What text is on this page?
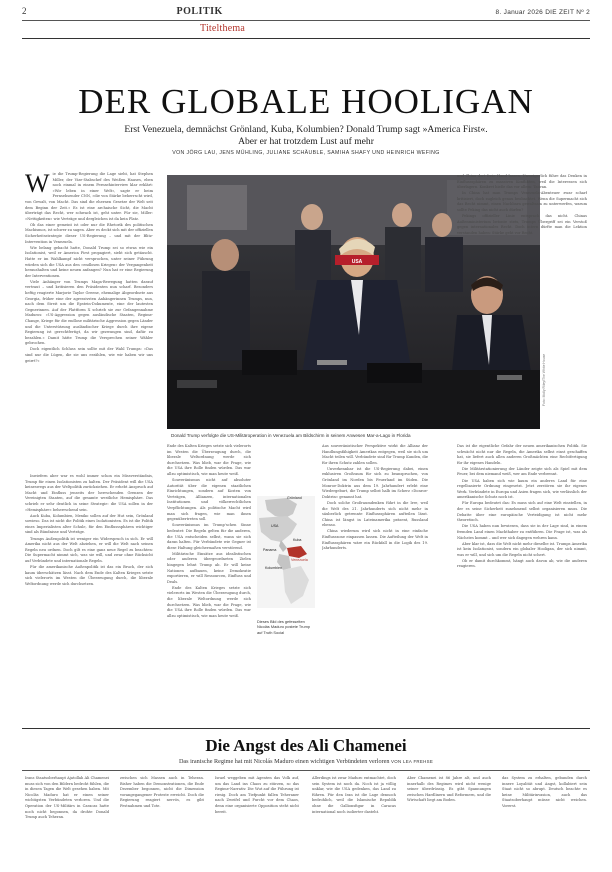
2	POLITIK	8. Januar 2026 DIE ZEIT Nº 2
Titelthema
DER GLOBALE HOOLIGAN

Erst Venezuela, demnächst Grönland, Kuba, Kolumbien? Donald Trump sagt »America First«.
Aber er hat trotzdem Lust auf mehr

VON JÖRG LAU, JENS MÜHLING, JULIANE SCHÄUBLE, SAMIHA SHAFY UND HEINRICH WEFING
W ie die Trump-Regierung die Lage sieht, hat Stephen Miller, der Vize-Stabschef des Weißen Hauses, eben noch einmal in einem Fernsehinterview klar erklärt: »Wir leben in einer Welt«, sagte er beim Fernsehsender CNN, »die von Stärke beherrscht wird, von Gewalt, von Macht. Das sind die ehernen Gesetze der Welt seit dem Beginn der Zeit.« Es ist eine archaische Sicht, die Macht überträgt das Recht, wer schwach ist, geht unter. Für sie, Miller: »Nettigkeiten« wie Verträge und dergleichen ist da kein Platz.

Ob das einer gemeint ist oder nur die Rhetorik des politischen Machismos, ist schwer zu sagen. Aber es deckt sich mit der offiziellen Sicherheitsstrategie dieser US-Regierung – und mit der Blitz-Intervention in Venezuela.

Wie belang gebacht hatte, Donald Trump sei so etwas wie ein Isolationist, weil er America First propagiert, sieht sich getäuscht. Hatte er im Wahlkampf nicht versprochen, unter seiner Führung würden sich die USA aus den »endlosen Kriegen« der Vergangenheit heraushalten und keine neuen anfangen? Nun hat er eine Regierung der Interventionen.

Viele Anhänger von Trumps Maga-Bewegung hatten darauf vertraut – und kritisieren den Präsidenten nun scharf. Besonders heftig reagierte Marjorie Taylor Greene, ehemalige Abgeordnete aus Georgia, früher eine der agressivsten Anhängerinnen Trumps, nun, nach dem Streit um die Epstein-Dokumente, eine der lautesten Gegnerinnen. Auf der Plattform X schrieb sie zur Gefangennahme Maduros: »US-Aggression gegen ausländische Staaten, Regime-Change, Kriege für die endlose militärische Aggression gegen Länder und die Unterstützung ausländischer Kriege durch ihre eigene Regierung ist gerechtfertigt, da wir gezwungen sind, dafür zu bezahlen.« Damit hätte Trump die Versprechen seiner Wähler gebrochen.

Doch eigentlich Schluss sein sollte mit der Wahl Trumps: »Das sind nur die Lügen, die sie uns erzählen, wie wir haben wir uns geirrt?«

Inwiefern aber war es wohl immer schon ein Missverständnis, Trump für einen Isolationisten zu halten. Der Präsident will die USA keineswegs aus der Weltpolitik zurückziehen. Er erhebt Anspruch auf Macht und Einfluss jenseits der herrschenden Grenzen der Vereinigten Staaten, auf die gesamte westliche Hemisphäre. Das schrieb er sehr deutlich in seine Strategie: die USA sollen in der »Hemisphäre« beherrschend sein.

Auch Kuba, Kolumbien, Mexiko sollen auf der Hut sein, Grönland sowieso. Das ist nicht die Politik eines Isolationisten. Es ist die Politik eines Imperialisten alter Schule, für den Einflusssphären wichtiger sind als Bündnisse und Verträge.

Trumps Außenpolitik ist weniger ein Widerspruch in sich. Er will Amerika nicht aus der Welt abziehen, er will die Welt nach seinen Regeln neu ordnen. Doch gilt es eine ganz neue Regel zu beachten: Die Supermacht nimmt sich, was sie will, und zwar ohne Rücksicht auf Verbündete und internationale Regeln.

Für die amerikanische Außenpolitik ist das ein Bruch, der sich kaum überschätzen lässt. Nach dem Ende des Kalten Krieges setzte sich vielerorts im Westen die Überzeugung durch, die liberale Weltordnung werde sich durchsetzen.

USA
Foto: Molly Riley/The White House
Donald Trump verfolgte die US-Militäroperation in Venezuela am Bildschirm in seinem Anwesen Mar-a-Lago in Florida

Ende des Kalten Krieges setzte sich vielerorts im Westen die Überzeugung durch, die liberale Weltordnung werde sich durchsetzen. Was blieb, war die Frage, wie die USA ihre Rolle finden würden. Das war allzu optimistisch, wie man heute weiß.

Souveränismus nicht auf absoluter Autorität über die eigenen staatlichen Einrichtungen, sondern auf Kosten von Verträgen, Allianzen, internationalen Institutionen und völkerrechtlichen Verpflichtungen. Als politische Macht wird man sich fragen, wie man ihnen gegenübertreten soll.

Souveränismus im Trump'schen Sinne bedeutet: Die Regeln gelten für die anderen, die USA entscheiden selbst, wann sie sich daran halten. Für Verbündete wie Gegner ist diese Haltung gleichermaßen verstörend.

Militärische Einsätze aus idealistischen oder anderen übergeordneten Zielen hingegen lehnt Trump ab. Er will keine Nationen aufbauen, keine Demokratie exportieren, er will Ressourcen, Einfluss und Deals.

Ende des Kalten Krieges setzte sich vielerorts im Westen die Überzeugung durch, die liberale Weltordnung werde sich durchsetzen. Was blieb, war die Frage, wie die USA ihre Rolle finden würden. Das war allzu optimistisch, wie man heute weiß.

Grönland
USA
Kuba
Venezuela
Panama
Kolumbien
Dieses Bild des gefesselten Nicolás Maduro postete Trump auf Truth Social

Aus souveränistischer Perspektive wirkt die Allianz der Handlungsfähigkeit Amerikas entgegen, weil sie sich um Macht teilen will. Verbündete sind für Trump Kunden, die für ihren Schutz zahlen sollen.

Unverkennbar ist die US-Regierung dabei, einen exklusiven Großraum für sich zu beanspruchen, von Grönland im Norden bis Feuerland im Süden. Die Monroe-Doktrin aus dem 19. Jahrhundert erlebt eine Wiedergeburt, die Trump selbst halb im Scherz »Donroe-Doktrin« genannt hat.

Doch solche Großraumdenken führt in die Irre, weil die Welt des 21. Jahrhunderts sich nicht mehr in säuberlich getrennte Einflusssphären aufteilen lässt. China ist längst in Lateinamerika präsent, Russland ebenso.

China wiederum wird sich nicht in eine einfache Einflusszone einpassen lassen. Die Aufteilung der Welt in Einflusssphären wäre ein Rückfall in die Logik des 19. Jahrhunderts.

und China dort freie Hand lassen. Unweigerlich führe das Denken in Einflusssphären zu massiven Konflikten, weil die Interessen sich überlagern. Konkret hieße das vor allem: Taiwan.

In China hat man Trumps Venezuela-Abenteuer zwar scharf kritisiert, doch zugleich genau beobachtet. Wenn die Supermacht sich das Recht nimmt, einen Nachbarn gewaltsam zu unterwerfen, warum sollte Peking das nicht auch dürfen?

Pekings offizieller Linie entsprach das nicht. Chinas Außenministerium betonte stets, Trumps Übergriff sei ein Verstoß gegen internationales Recht. Doch intern dürfte man die Lektion verstanden haben: Stärke geht vor Recht.

Das ist die eigentliche Gefahr der neuen amerikanischen Politik. Sie schwächt nicht nur die Regeln, die Amerika selbst einst geschaffen hat, sie liefert auch allen anderen Großmächten eine Rechtfertigung für ihr eigenes Handeln.

Die Militärstationierung der Länder zeigte sich als Spiel mit dem Feuer, bei dem niemand weiß, wer am Ende verbrennt.

Die USA haben sich wie kaum ein anderes Land für eine regelbasierte Ordnung eingesetzt. Jetzt zerstören sie ihr eigenes Werk. Verbündete in Europa und Asien fragen sich, wie verlässlich der amerikanische Schutz noch ist.

Für Europa bedeutet das: Es muss sich auf eine Welt einstellen, in der es seine Sicherheit zunehmend selbst organisieren muss. Die Debatte über eine europäische Verteidigung ist nicht mehr theoretisch.

Die USA haben nun bewiesen, dass sie in der Lage sind, in einem fremden Land einen Machthaber zu entführen. Die Frage ist, was als Nächstes kommt – und wer sich dagegen wehren kann.

Aber klar ist, dass die Welt nicht mehr dieselbe ist. Trumps Amerika ist kein Isolationist, sondern ein globaler Hooligan, der sich nimmt, was er will, und sich um die Regeln nicht schert.

Ob er damit durchkommt, hängt auch davon ab, wie die anderen reagieren.

Die Angst des Ali Chamenei
Das iranische Regime hat mit Nicolás Maduro einen wichtigen Verbündeten verloren VON LEA FREHSE

Irans Staatsoberhaupt Ajatollah Ali Chamenei muss sich von den Bildern bedroht fühlen, die in diesen Tagen die Welt gesehen haben. Mit Nicolás Maduro hat er einen seiner wichtigsten Verbündeten verloren. Und die Operation der US-Militärs in Caracas hatte noch nicht begonnen, da drohte Donald Trump auch Teheran.

zwischen sich Massen auch in Teheran. Bisher haben die Demonstrationen, die Ende Dezember begonnen, nicht die Dimension vorangegangener Proteste erreicht. Doch die Regierung reagiert nervös, es gibt Festnahmen und Tote.

Israel weggeben mit Agenten das Volk auf, um das Land ins Chaos zu stürzen, so das Regime-Narrativ. Die Wut auf die Führung ist riesig. Doch am Tiefpunkt fallen Teheraner nach Zweifel und Furcht vor dem Chaos, denn eine organisierte Opposition steht nicht bereit.

Allerdings ist zwar Maduro entmachtet, doch sein System ist noch da. Noch ist ja völlig unklar, wie die USA gedenken, das Land zu führen. Für den Iran ist die Lage dennoch bedrohlich, weil die Islamische Republik ohne die Gallionsfigur in Caracas international noch isolierter dasteht.

Aber Chamenei ist 86 Jahre alt, und auch innerhalb des Regimes wird nicht wenige seiner überdrüssig. Es gibt Spannungen zwischen Hardlinern und Reformern, und die Wirtschaft liegt am Boden.

das System zu erhalten, gebunden durch innere Loyalität und Angst, kollabiert sein Staat nicht so abrupt. Deutsch beachte es keine Militärinvasion, auch das Staatsoberhaupt müsse nicht weichen. Vorerst.
